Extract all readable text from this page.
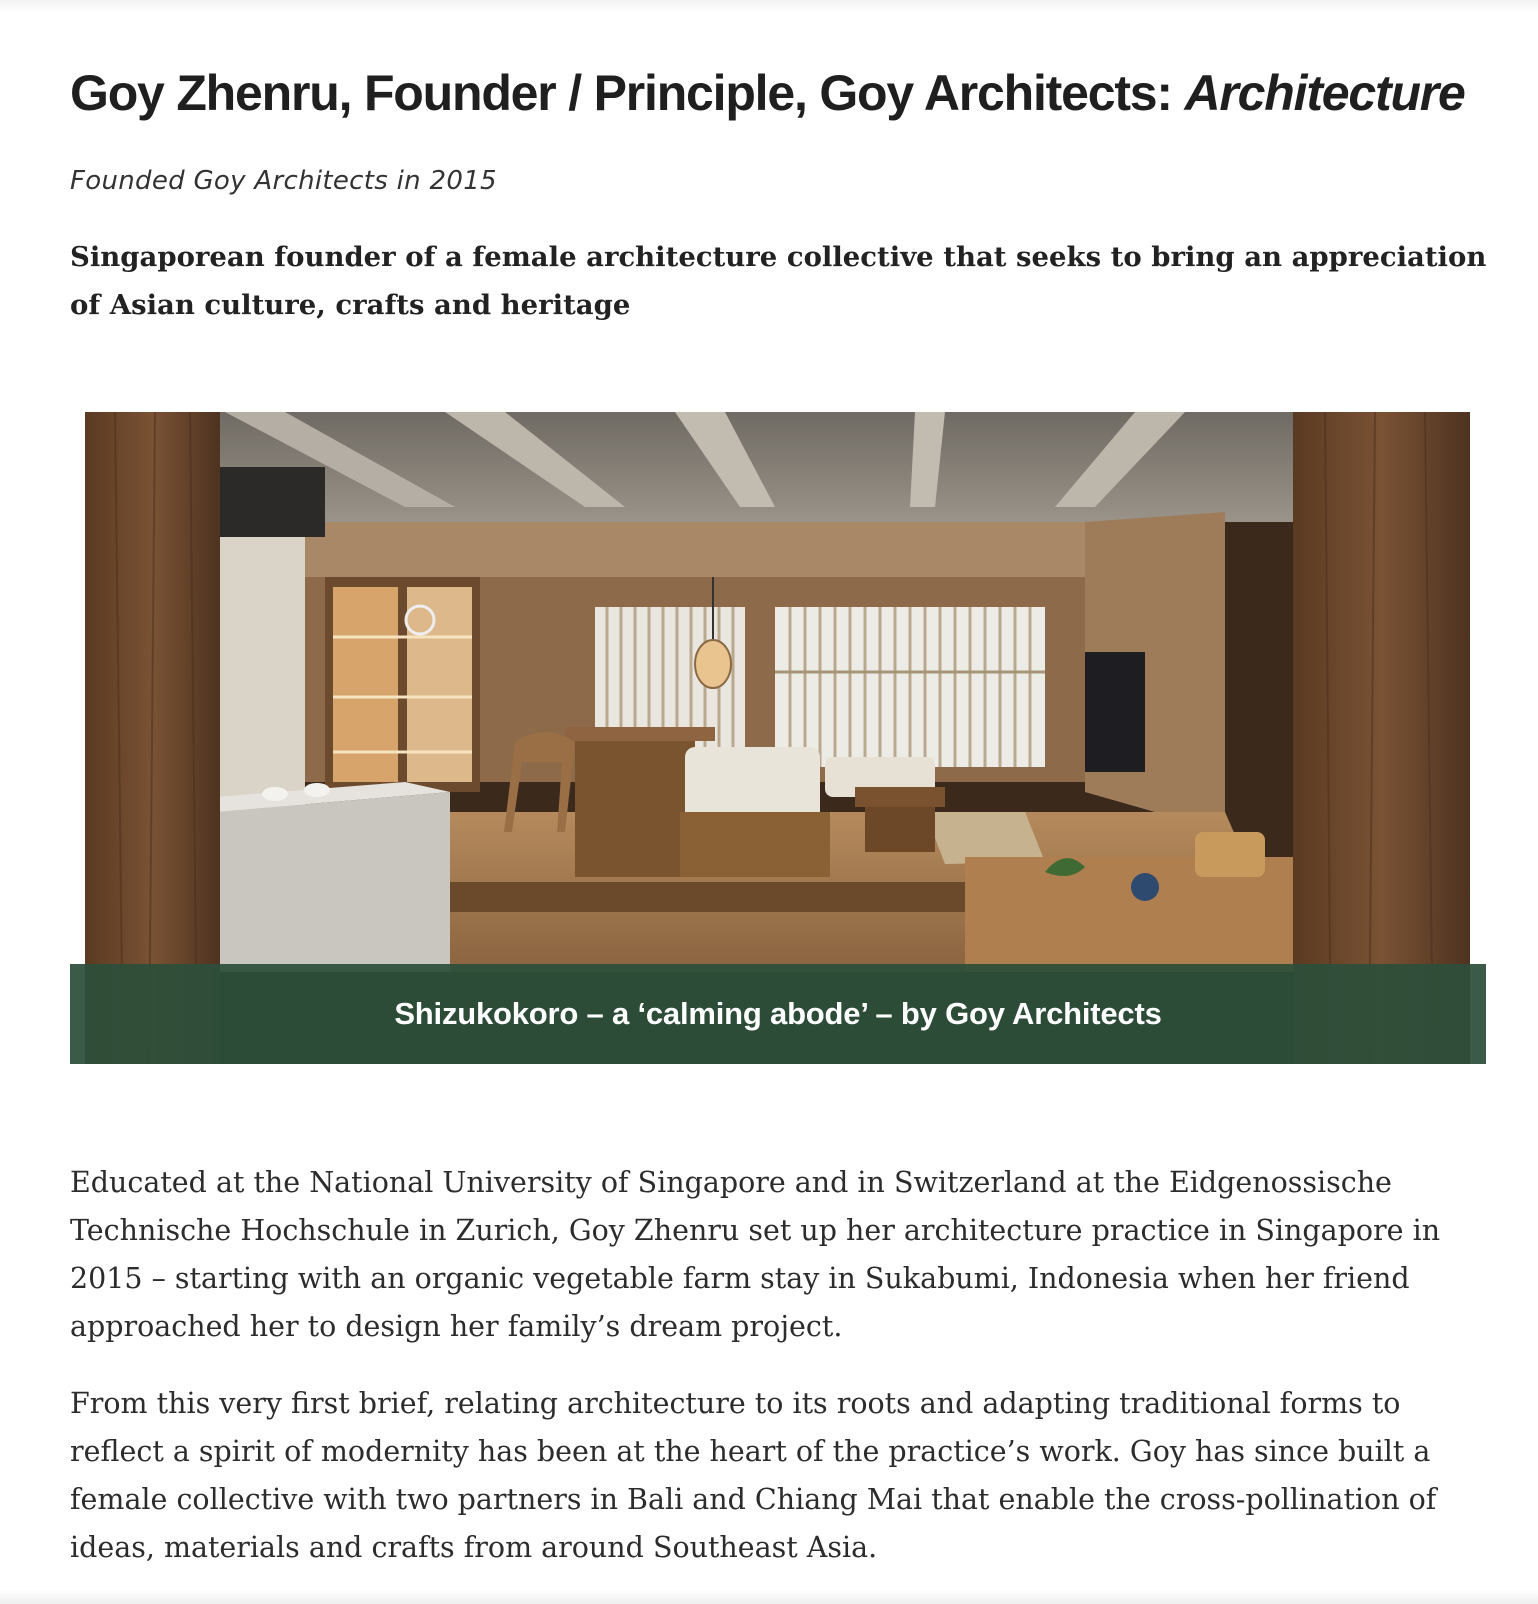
Goy Zhenru, Founder / Principle, Goy Architects: Architecture
Founded Goy Architects in 2015

Singaporean founder of a female architecture collective that seeks to bring an appreciation of Asian culture, crafts and heritage

Shizukokoro – a ‘calming abode’ – by Goy Architects

Educated at the National University of Singapore and in Switzerland at the Eidgenossische Technische Hochschule in Zurich, Goy Zhenru set up her architecture practice in Singapore in 2015 – starting with an organic vegetable farm stay in Sukabumi, Indonesia when her friend approached her to design her family’s dream project.

From this very first brief, relating architecture to its roots and adapting traditional forms to reflect a spirit of modernity has been at the heart of the practice’s work. Goy has since built a female collective with two partners in Bali and Chiang Mai that enable the cross-pollination of ideas, materials and crafts from around Southeast Asia.
